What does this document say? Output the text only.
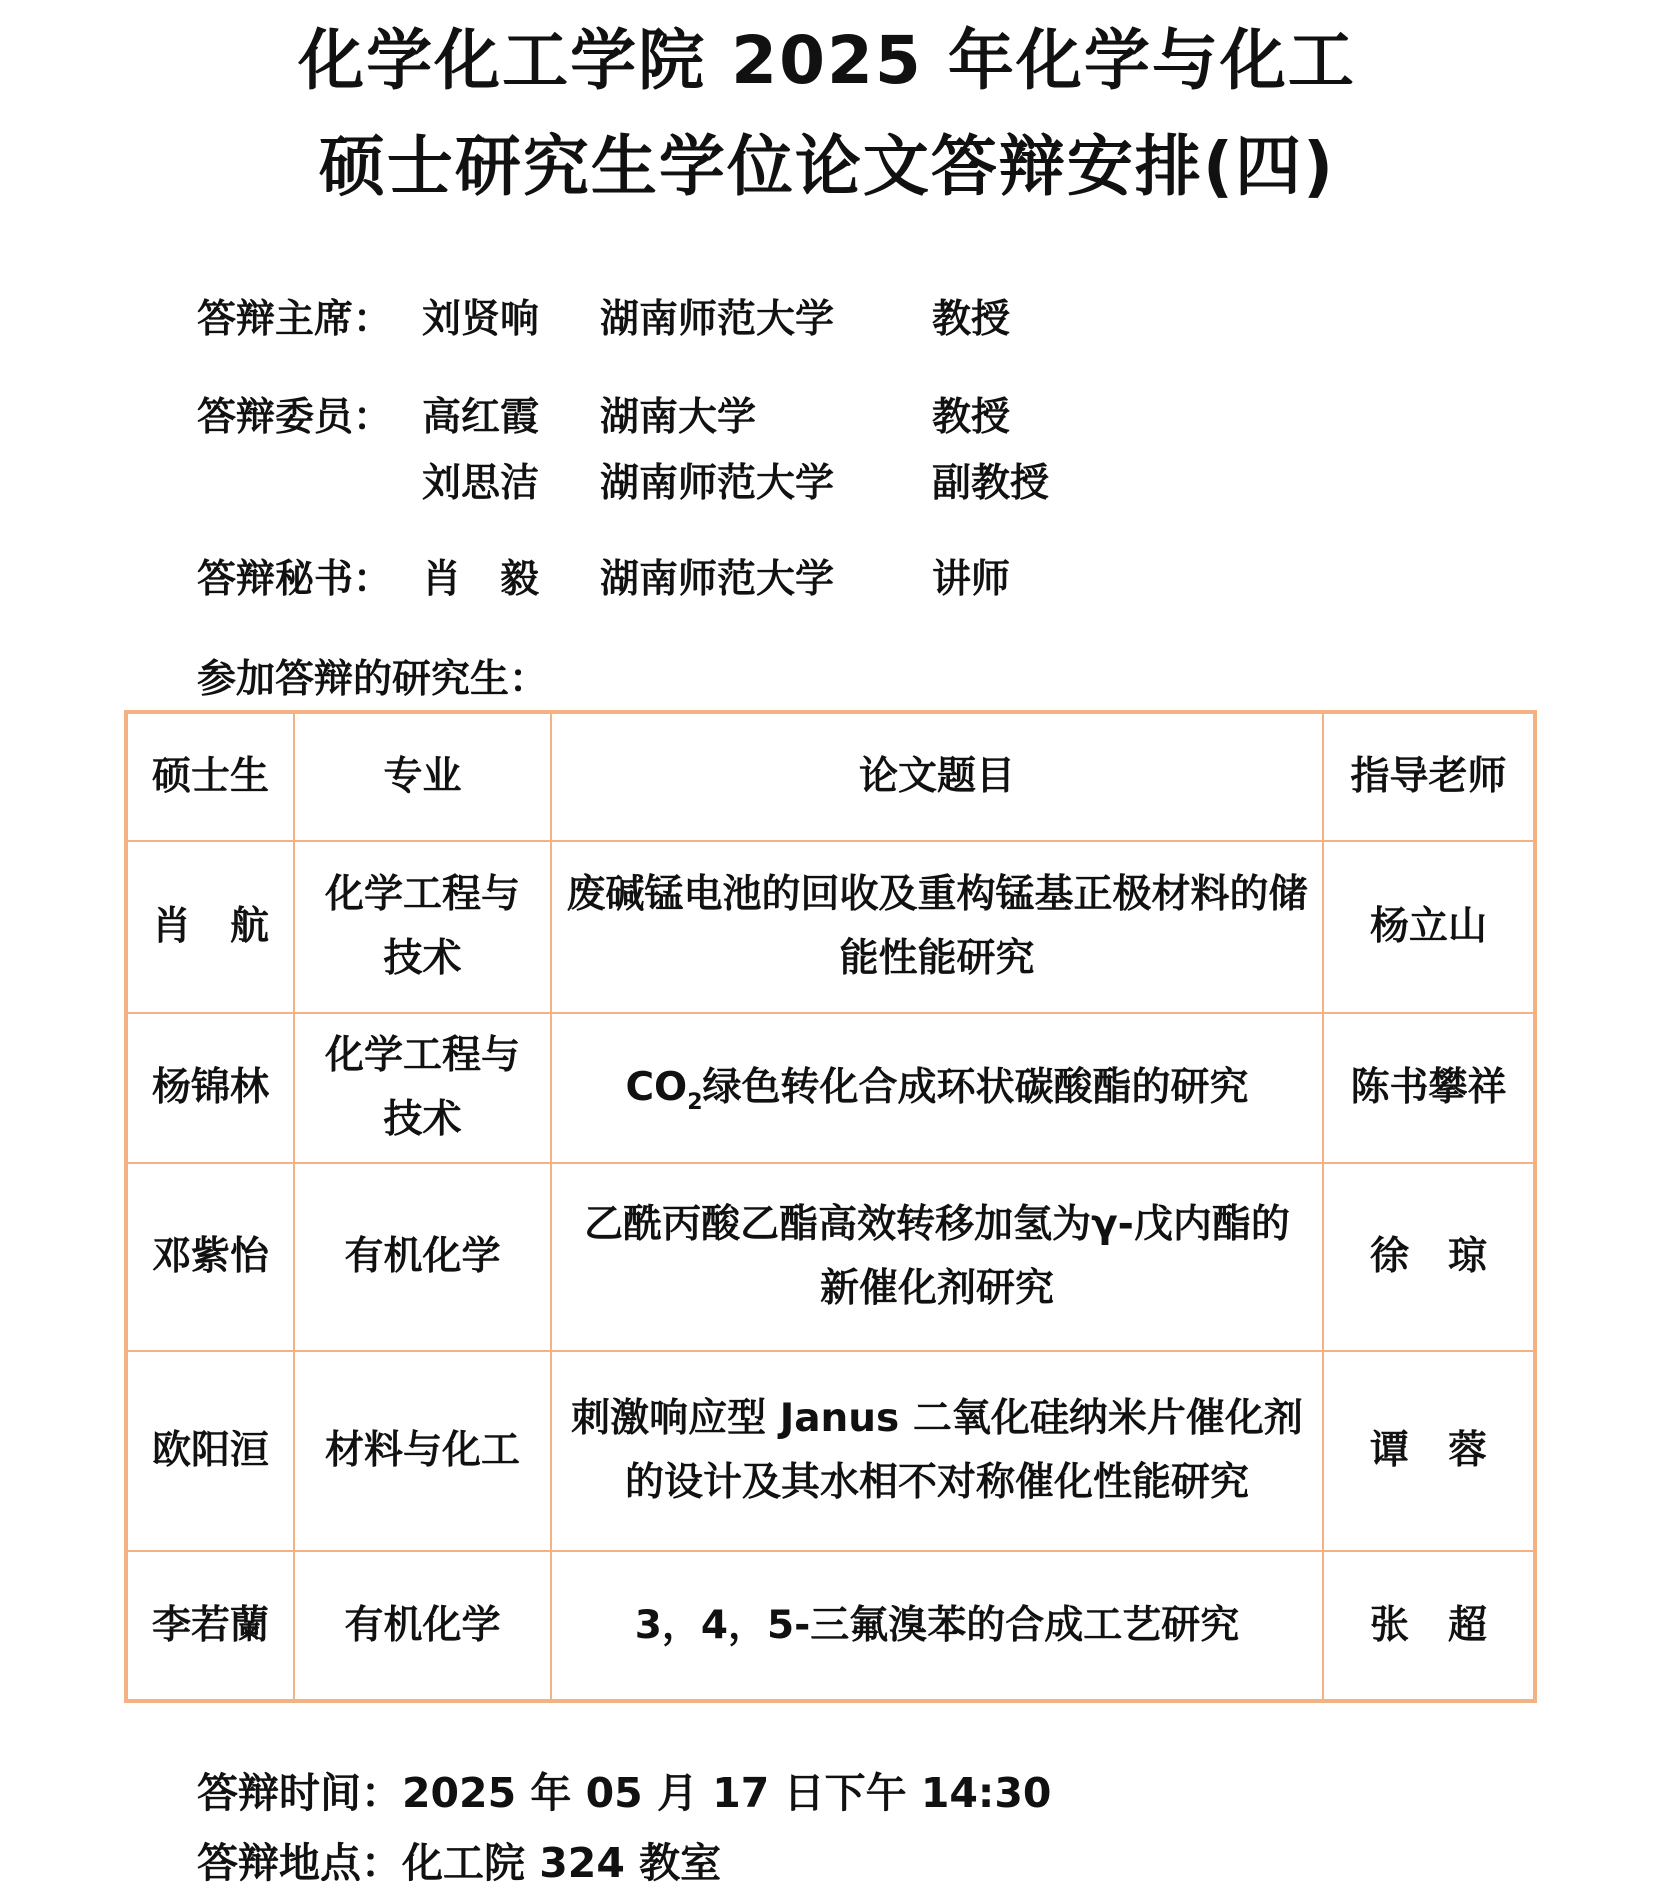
化学化工学院 2025 年化学与化工
硕士研究生学位论文答辩安排(四)
答辩主席： 刘贤响 湖南师范大学	教授
答辩委员： 高红霞 湖南大学	教授
刘思洁 湖南师范大学	副教授
答辩秘书： 肖　毅 湖南师范大学	讲师
参加答辩的研究生：
硕士生	专业	论文题目	指导老师
肖　航	化学工程与技术	废碱锰电池的回收及重构锰基正极材料的储能性能研究	杨立山
杨锦林	化学工程与技术	$CO_2$绿色转化合成环状碳酸酯的研究	陈书攀祥
邓紫怡	有机化学	乙酰丙酸乙酯高效转移加氢为γ-戊内酯的新催化剂研究	徐　琼
欧阳洹	材料与化工	刺激响应型 Janus 二氧化硅纳米片催化剂的设计及其水相不对称催化性能研究	谭　蓉
李若蘭	有机化学	3，4，5-三氟溴苯的合成工艺研究	张　超
答辩时间：2025 年 05 月 17 日下午 14:30
答辩地点：化工院 324 教室
